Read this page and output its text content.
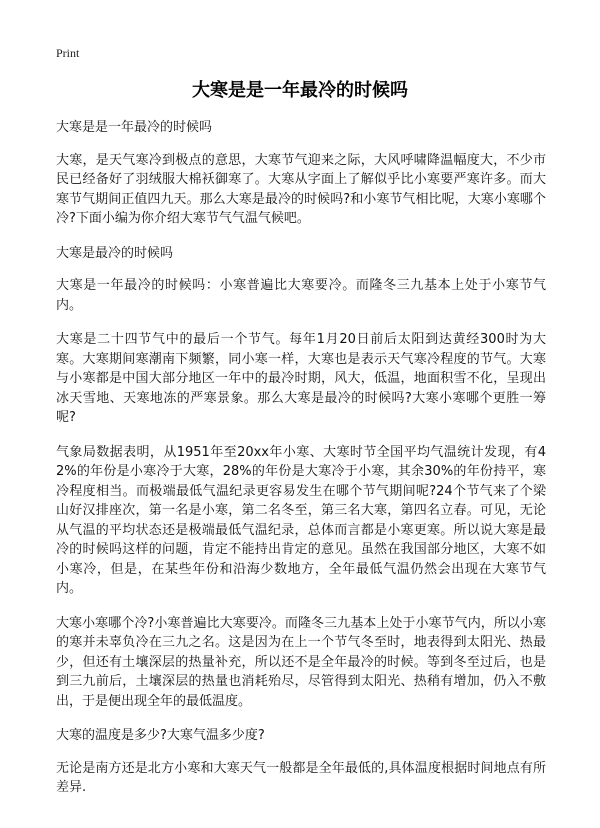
Print
大寒是是一年最冷的时候吗

大寒是是一年最冷的时候吗

大寒，是天气寒冷到极点的意思，大寒节气迎来之际，大风呼啸降温幅度大，不少市民已经备好了羽绒服大棉袄御寒了。大寒从字面上了解似乎比小寒要严寒许多。而大寒节气期间正值四九天。那么大寒是最冷的时候吗?和小寒节气相比呢，大寒小寒哪个冷?下面小编为你介绍大寒节气气温气候吧。

大寒是最冷的时候吗

大寒是一年最冷的时候吗：小寒普遍比大寒要冷。而隆冬三九基本上处于小寒节气内。

大寒是二十四节气中的最后一个节气。每年1月20日前后太阳到达黄经300时为大寒。大寒期间寒潮南下频繁，同小寒一样，大寒也是表示天气寒冷程度的节气。大寒与小寒都是中国大部分地区一年中的最冷时期，风大，低温，地面积雪不化，呈现出冰天雪地、天寒地冻的严寒景象。那么大寒是最冷的时候吗?大寒小寒哪个更胜一筹呢?

气象局数据表明，从1951年至20xx年小寒、大寒时节全国平均气温统计发现，有42%的年份是小寒冷于大寒，28%的年份是大寒冷于小寒，其余30%的年份持平，寒冷程度相当。而极端最低气温纪录更容易发生在哪个节气期间呢?24个节气来了个梁山好汉排座次，第一名是小寒，第二名冬至，第三名大寒，第四名立春。可见，无论从气温的平均状态还是极端最低气温纪录，总体而言都是小寒更寒。所以说大寒是最冷的时候吗这样的问题，肯定不能持出肯定的意见。虽然在我国部分地区，大寒不如小寒冷，但是，在某些年份和沿海少数地方，全年最低气温仍然会出现在大寒节气内。

大寒小寒哪个冷?小寒普遍比大寒要冷。而隆冬三九基本上处于小寒节气内，所以小寒的寒并未辜负冷在三九之名。这是因为在上一个节气冬至时，地表得到太阳光、热最少，但还有土壤深层的热量补充，所以还不是全年最冷的时候。等到冬至过后，也是到三九前后，土壤深层的热量也消耗殆尽，尽管得到太阳光、热稍有增加，仍入不敷出，于是便出现全年的最低温度。

大寒的温度是多少?大寒气温多少度?

无论是南方还是北方小寒和大寒天气一般都是全年最低的,具体温度根据时间地点有所差异.
